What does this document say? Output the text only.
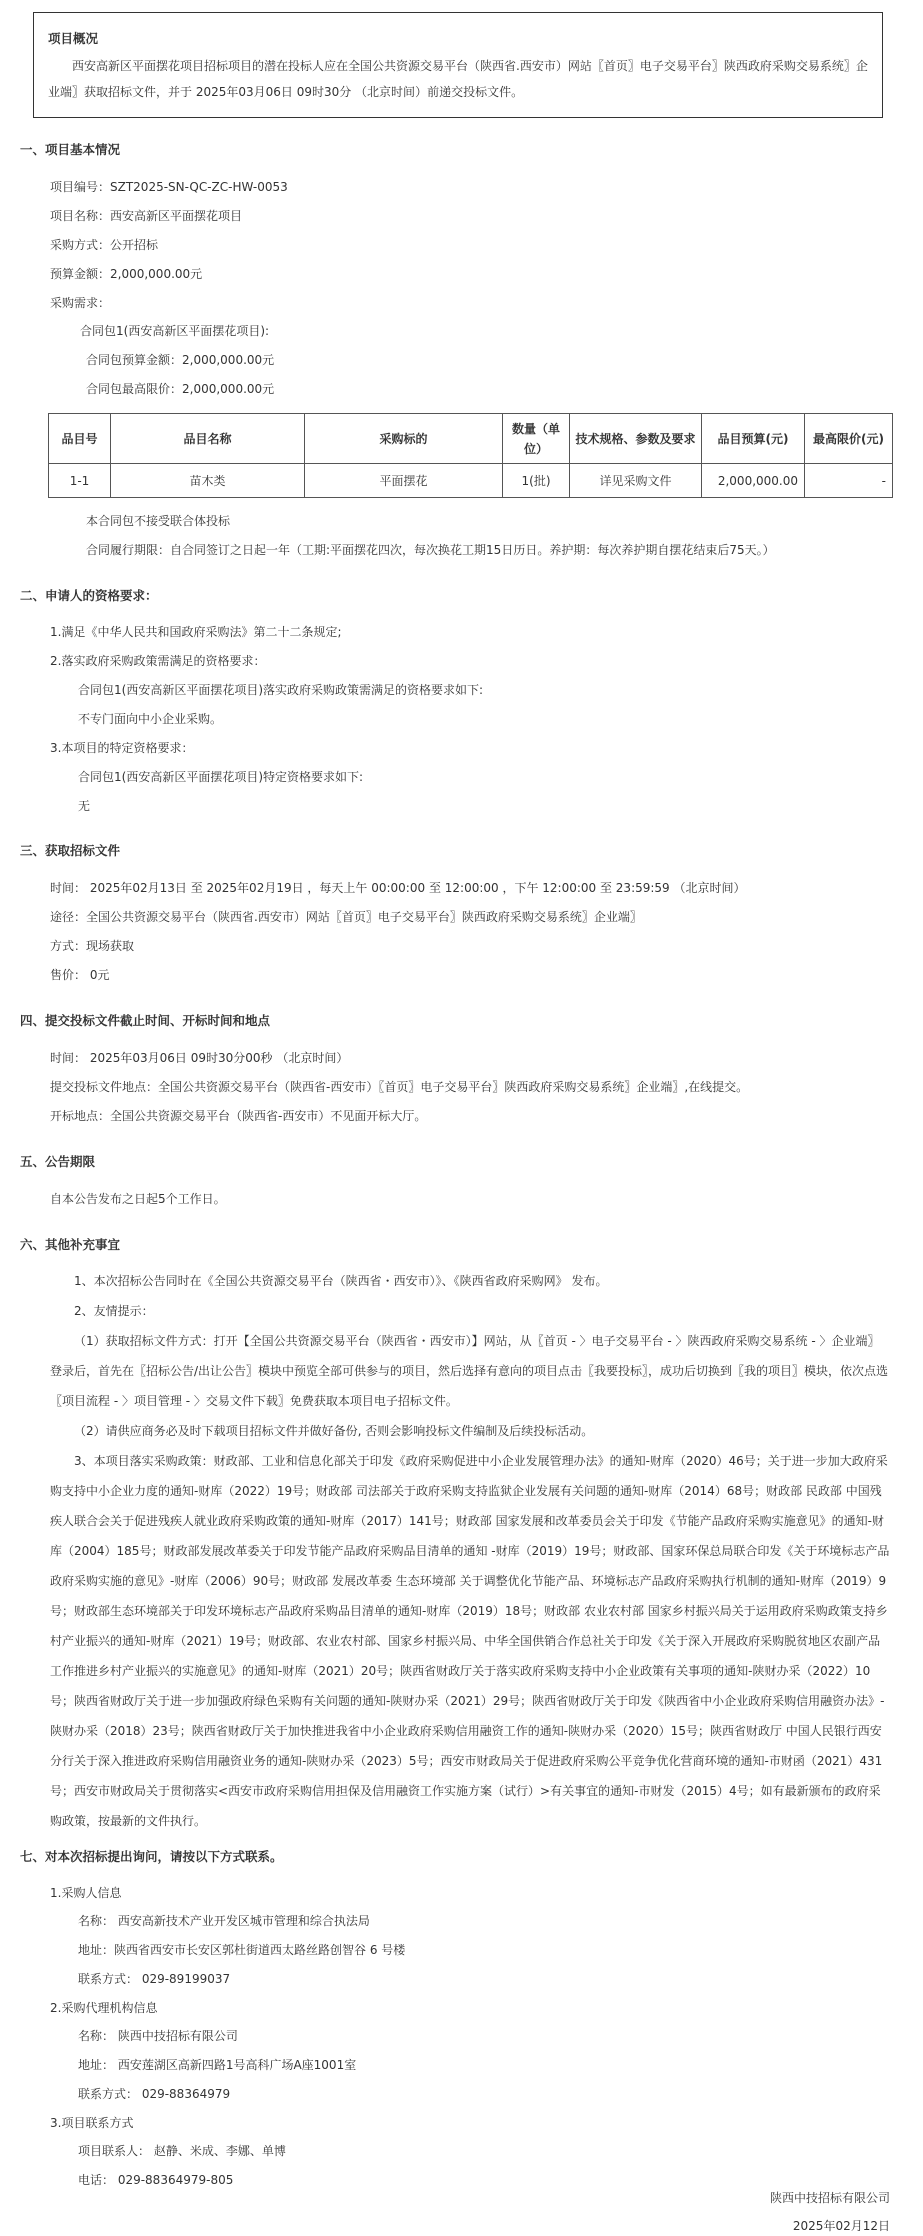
项目概况
西安高新区平面摆花项目招标项目的潜在投标人应在全国公共资源交易平台（陕西省.西安市）网站〖首页〗电子交易平台〗陕西政府采购交易系统〗企业端〗获取招标文件，并于 2025年03月06日 09时30分 （北京时间）前递交投标文件。
一、项目基本情况
项目编号：SZT2025-SN-QC-ZC-HW-0053
项目名称：西安高新区平面摆花项目
采购方式：公开招标
预算金额：2,000,000.00元
采购需求：
合同包1(西安高新区平面摆花项目):
合同包预算金额：2,000,000.00元
合同包最高限价：2,000,000.00元
品目号	品目名称	采购标的	数量（单位）	技术规格、参数及要求	品目预算(元)	最高限价(元)
1-1	苗木类	平面摆花	1(批)	详见采购文件	2,000,000.00	-
本合同包不接受联合体投标
合同履行期限：自合同签订之日起一年（工期:平面摆花四次，每次换花工期15日历日。养护期：每次养护期自摆花结束后75天。）
二、申请人的资格要求：
1.满足《中华人民共和国政府采购法》第二十二条规定;
2.落实政府采购政策需满足的资格要求：
合同包1(西安高新区平面摆花项目)落实政府采购政策需满足的资格要求如下:
不专门面向中小企业采购。
3.本项目的特定资格要求：
合同包1(西安高新区平面摆花项目)特定资格要求如下:
无
三、获取招标文件
时间： 2025年02月13日 至 2025年02月19日 ，每天上午 00:00:00 至 12:00:00 ，下午 12:00:00 至 23:59:59 （北京时间）
途径：全国公共资源交易平台（陕西省.西安市）网站〖首页〗电子交易平台〗陕西政府采购交易系统〗企业端〗
方式：现场获取
售价： 0元
四、提交投标文件截止时间、开标时间和地点
时间： 2025年03月06日 09时30分00秒 （北京时间）
提交投标文件地点：全国公共资源交易平台（陕西省-西安市）〖首页〗电子交易平台〗陕西政府采购交易系统〗企业端〗,在线提交。
开标地点：全国公共资源交易平台（陕西省-西安市）不见面开标大厅。
五、公告期限
自本公告发布之日起5个工作日。
六、其他补充事宜
1、本次招标公告同时在《全国公共资源交易平台（陕西省・西安市）》、《陕西省政府采购网》 发布。
2、友情提示：
（1）获取招标文件方式：打开【全国公共资源交易平台（陕西省・西安市）】网站，从〖首页 - 〉电子交易平台 - 〉陕西政府采购交易系统 - 〉企业端〗登录后，首先在〖招标公告/出让公告〗模块中预览全部可供参与的项目，然后选择有意向的项目点击〖我要投标〗，成功后切换到〖我的项目〗模块，依次点选〖项目流程 - 〉项目管理 - 〉交易文件下载〗免费获取本项目电子招标文件。
（2）请供应商务必及时下载项目招标文件并做好备份, 否则会影响投标文件编制及后续投标活动。
3、本项目落实采购政策：财政部、工业和信息化部关于印发《政府采购促进中小企业发展管理办法》的通知-财库（2020）46号；关于进一步加大政府采购支持中小企业力度的通知-财库（2022）19号；财政部 司法部关于政府采购支持监狱企业发展有关问题的通知-财库（2014）68号；财政部 民政部 中国残疾人联合会关于促进残疾人就业政府采购政策的通知-财库（2017）141号；财政部 国家发展和改革委员会关于印发《节能产品政府采购实施意见》的通知-财库（2004）185号；财政部发展改革委关于印发节能产品政府采购品目清单的通知 -财库（2019）19号；财政部、国家环保总局联合印发《关于环境标志产品政府采购实施的意见》-财库（2006）90号；财政部 发展改革委 生态环境部 关于调整优化节能产品、环境标志产品政府采购执行机制的通知-财库（2019）9号；财政部生态环境部关于印发环境标志产品政府采购品目清单的通知-财库（2019）18号；财政部 农业农村部 国家乡村振兴局关于运用政府采购政策支持乡村产业振兴的通知-财库（2021）19号；财政部、农业农村部、国家乡村振兴局、中华全国供销合作总社关于印发《关于深入开展政府采购脱贫地区农副产品工作推进乡村产业振兴的实施意见》的通知-财库（2021）20号；陕西省财政厅关于落实政府采购支持中小企业政策有关事项的通知-陕财办采（2022）10号；陕西省财政厅关于进一步加强政府绿色采购有关问题的通知-陕财办采（2021）29号；陕西省财政厅关于印发《陕西省中小企业政府采购信用融资办法》-陕财办采（2018）23号；陕西省财政厅关于加快推进我省中小企业政府采购信用融资工作的通知-陕财办采（2020）15号；陕西省财政厅 中国人民银行西安分行关于深入推进政府采购信用融资业务的通知-陕财办采（2023）5号；西安市财政局关于促进政府采购公平竞争优化营商环境的通知-市财函（2021）431号；西安市财政局关于贯彻落实<西安市政府采购信用担保及信用融资工作实施方案（试行）>有关事宜的通知-市财发（2015）4号；如有最新颁布的政府采购政策，按最新的文件执行。
七、对本次招标提出询问，请按以下方式联系。
1.采购人信息
名称： 西安高新技术产业开发区城市管理和综合执法局
地址：陕西省西安市长安区郭杜街道西太路丝路创智谷 6 号楼
联系方式： 029-89199037
2.采购代理机构信息
名称： 陕西中技招标有限公司
地址： 西安莲湖区高新四路1号高科广场A座1001室
联系方式： 029-88364979
3.项目联系方式
项目联系人： 赵静、米成、李娜、单博
电话： 029-88364979-805
陕西中技招标有限公司
2025年02月12日
